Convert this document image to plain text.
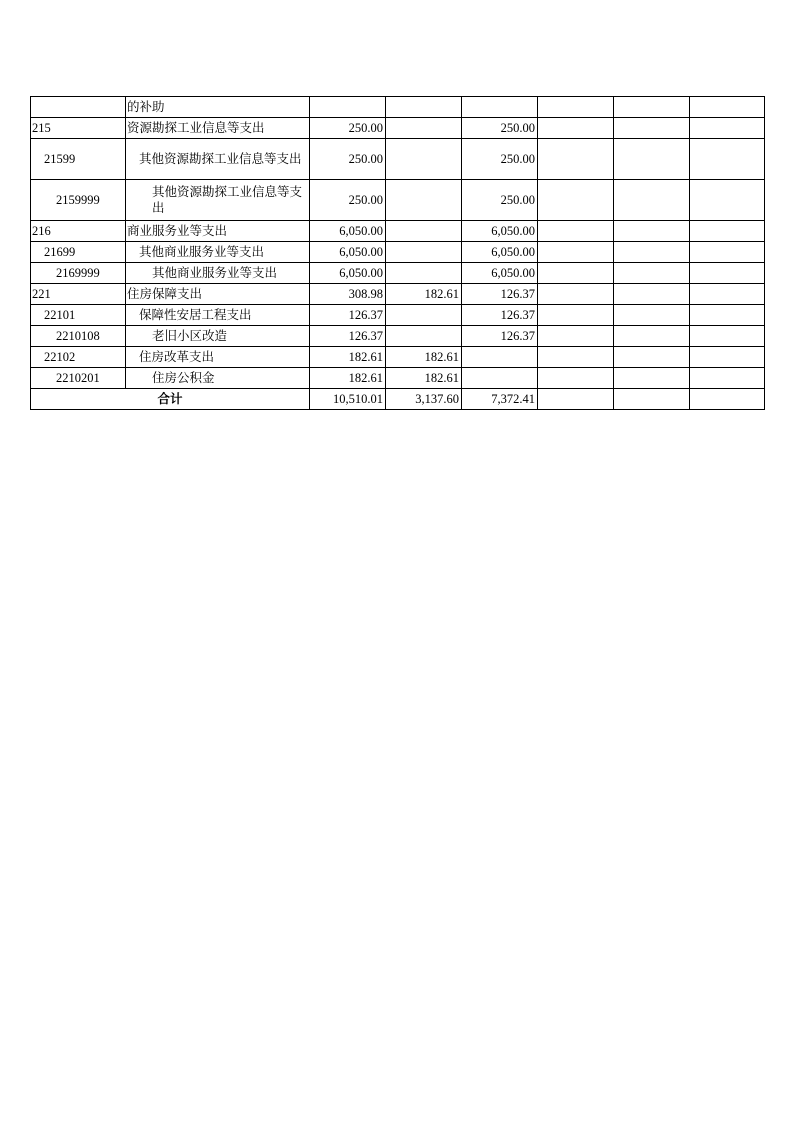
	的补助						
215	资源勘探工业信息等支出	250.00		250.00			
21599	其他资源勘探工业信息等支出	250.00		250.00			
2159999	其他资源勘探工业信息等支出	250.00		250.00			
216	商业服务业等支出	6,050.00		6,050.00			
21699	其他商业服务业等支出	6,050.00		6,050.00			
2169999	其他商业服务业等支出	6,050.00		6,050.00			
221	住房保障支出	308.98	182.61	126.37			
22101	保障性安居工程支出	126.37		126.37			
2210108	老旧小区改造	126.37		126.37			
22102	住房改革支出	182.61	182.61				
2210201	住房公积金	182.61	182.61				
合计		10,510.01	3,137.60	7,372.41			
